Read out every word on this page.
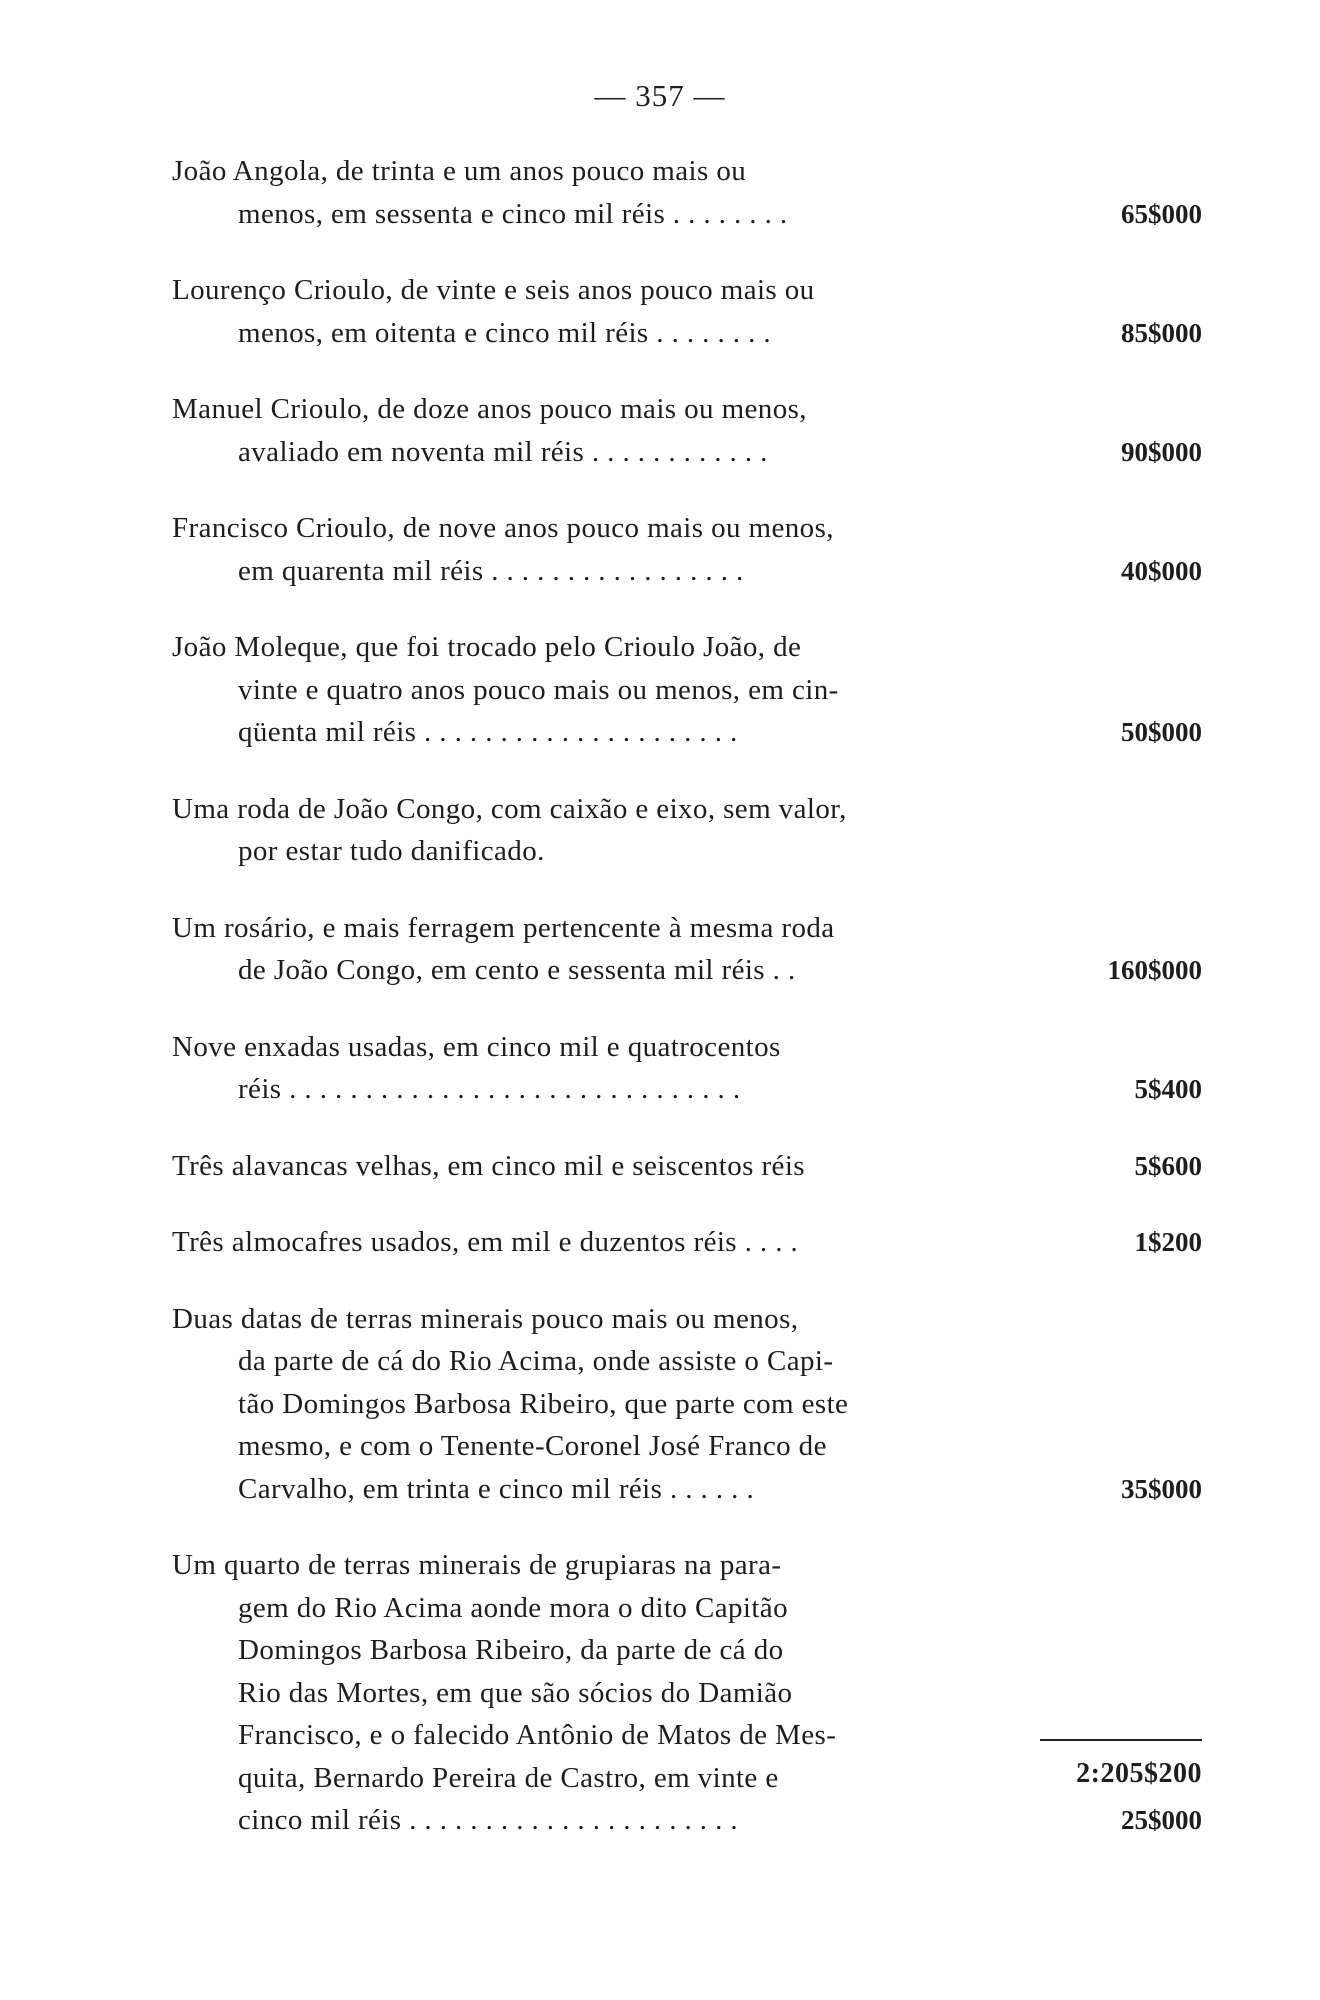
— 357 —
João Angola, de trinta e um anos pouco mais ou
menos, em sessenta e cinco mil réis . . . . . . . .	65$000
Lourenço Crioulo, de vinte e seis anos pouco mais ou
menos, em oitenta e cinco mil réis . . . . . . . .	85$000
Manuel Crioulo, de doze anos pouco mais ou menos,
avaliado em noventa mil réis . . . . . . . . . . . .	90$000
Francisco Crioulo, de nove anos pouco mais ou menos,
em quarenta mil réis . . . . . . . . . . . . . . . . .	40$000
João Moleque, que foi trocado pelo Crioulo João, de
vinte e quatro anos pouco mais ou menos, em cin-
qüenta mil réis . . . . . . . . . . . . . . . . . . . . .	50$000
Uma roda de João Congo, com caixão e eixo, sem valor,
por estar tudo danificado.
Um rosário, e mais ferragem pertencente à mesma roda
de João Congo, em cento e sessenta mil réis . .	160$000
Nove enxadas usadas, em cinco mil e quatrocentos
réis . . . . . . . . . . . . . . . . . . . . . . . . . . . . . .	5$400
Três alavancas velhas, em cinco mil e seiscentos réis	5$600
Três almocafres usados, em mil e duzentos réis . . . .	1$200
Duas datas de terras minerais pouco mais ou menos,
da parte de cá do Rio Acima, onde assiste o Capi-
tão Domingos Barbosa Ribeiro, que parte com este
mesmo, e com o Tenente-Coronel José Franco de
Carvalho, em trinta e cinco mil réis . . . . . .	35$000
Um quarto de terras minerais de grupiaras na para-
gem do Rio Acima aonde mora o dito Capitão
Domingos Barbosa Ribeiro, da parte de cá do
Rio das Mortes, em que são sócios do Damião
Francisco, e o falecido Antônio de Matos de Mes-
quita, Bernardo Pereira de Castro, em vinte e
cinco mil réis . . . . . . . . . . . . . . . . . . . . . .	25$000
2:205$200
